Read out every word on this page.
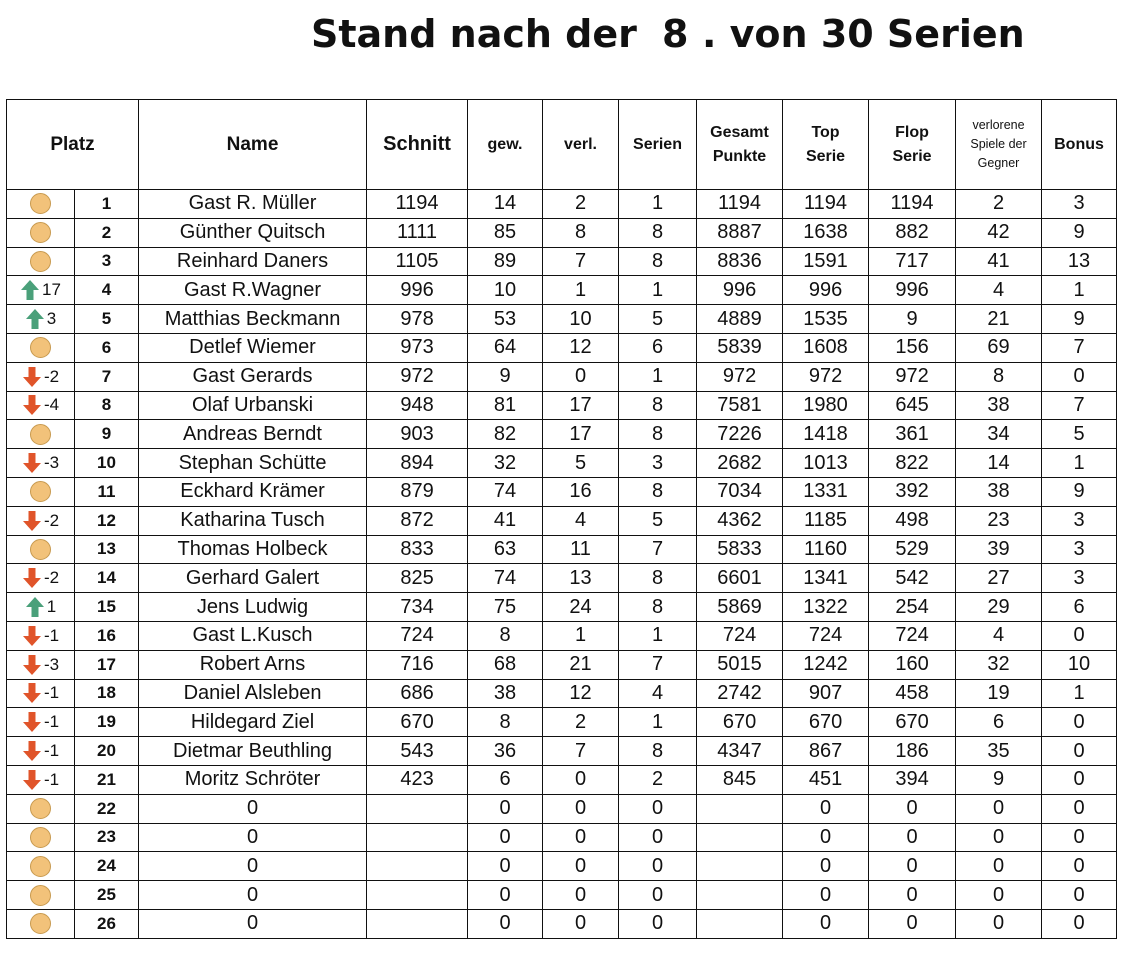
Stand nach der 8 . von 30 Serien
Platz		Name	Schnitt	gew.	verl.	Serien	Gesamt Punkte	Top Serie	Flop Serie	verlorene Spiele der Gegner	Bonus
	1	Gast R. Müller	1194	14	2	1	1194	1194	1194	2	3
	2	Günther Quitsch	1111	85	8	8	8887	1638	882	42	9
	3	Reinhard Daners	1105	89	7	8	8836	1591	717	41	13
17	4	Gast R.Wagner	996	10	1	1	996	996	996	4	1
3	5	Matthias Beckmann	978	53	10	5	4889	1535	9	21	9
	6	Detlef Wiemer	973	64	12	6	5839	1608	156	69	7
-2	7	Gast Gerards	972	9	0	1	972	972	972	8	0
-4	8	Olaf Urbanski	948	81	17	8	7581	1980	645	38	7
	9	Andreas Berndt	903	82	17	8	7226	1418	361	34	5
-3	10	Stephan Schütte	894	32	5	3	2682	1013	822	14	1
	11	Eckhard Krämer	879	74	16	8	7034	1331	392	38	9
-2	12	Katharina Tusch	872	41	4	5	4362	1185	498	23	3
	13	Thomas Holbeck	833	63	11	7	5833	1160	529	39	3
-2	14	Gerhard Galert	825	74	13	8	6601	1341	542	27	3
1	15	Jens Ludwig	734	75	24	8	5869	1322	254	29	6
-1	16	Gast L.Kusch	724	8	1	1	724	724	724	4	0
-3	17	Robert Arns	716	68	21	7	5015	1242	160	32	10
-1	18	Daniel Alsleben	686	38	12	4	2742	907	458	19	1
-1	19	Hildegard Ziel	670	8	2	1	670	670	670	6	0
-1	20	Dietmar Beuthling	543	36	7	8	4347	867	186	35	0
-1	21	Moritz Schröter	423	6	0	2	845	451	394	9	0
	22	0		0	0	0		0	0	0	0
	23	0		0	0	0		0	0	0	0
	24	0		0	0	0		0	0	0	0
	25	0		0	0	0		0	0	0	0
	26	0		0	0	0		0	0	0	0
